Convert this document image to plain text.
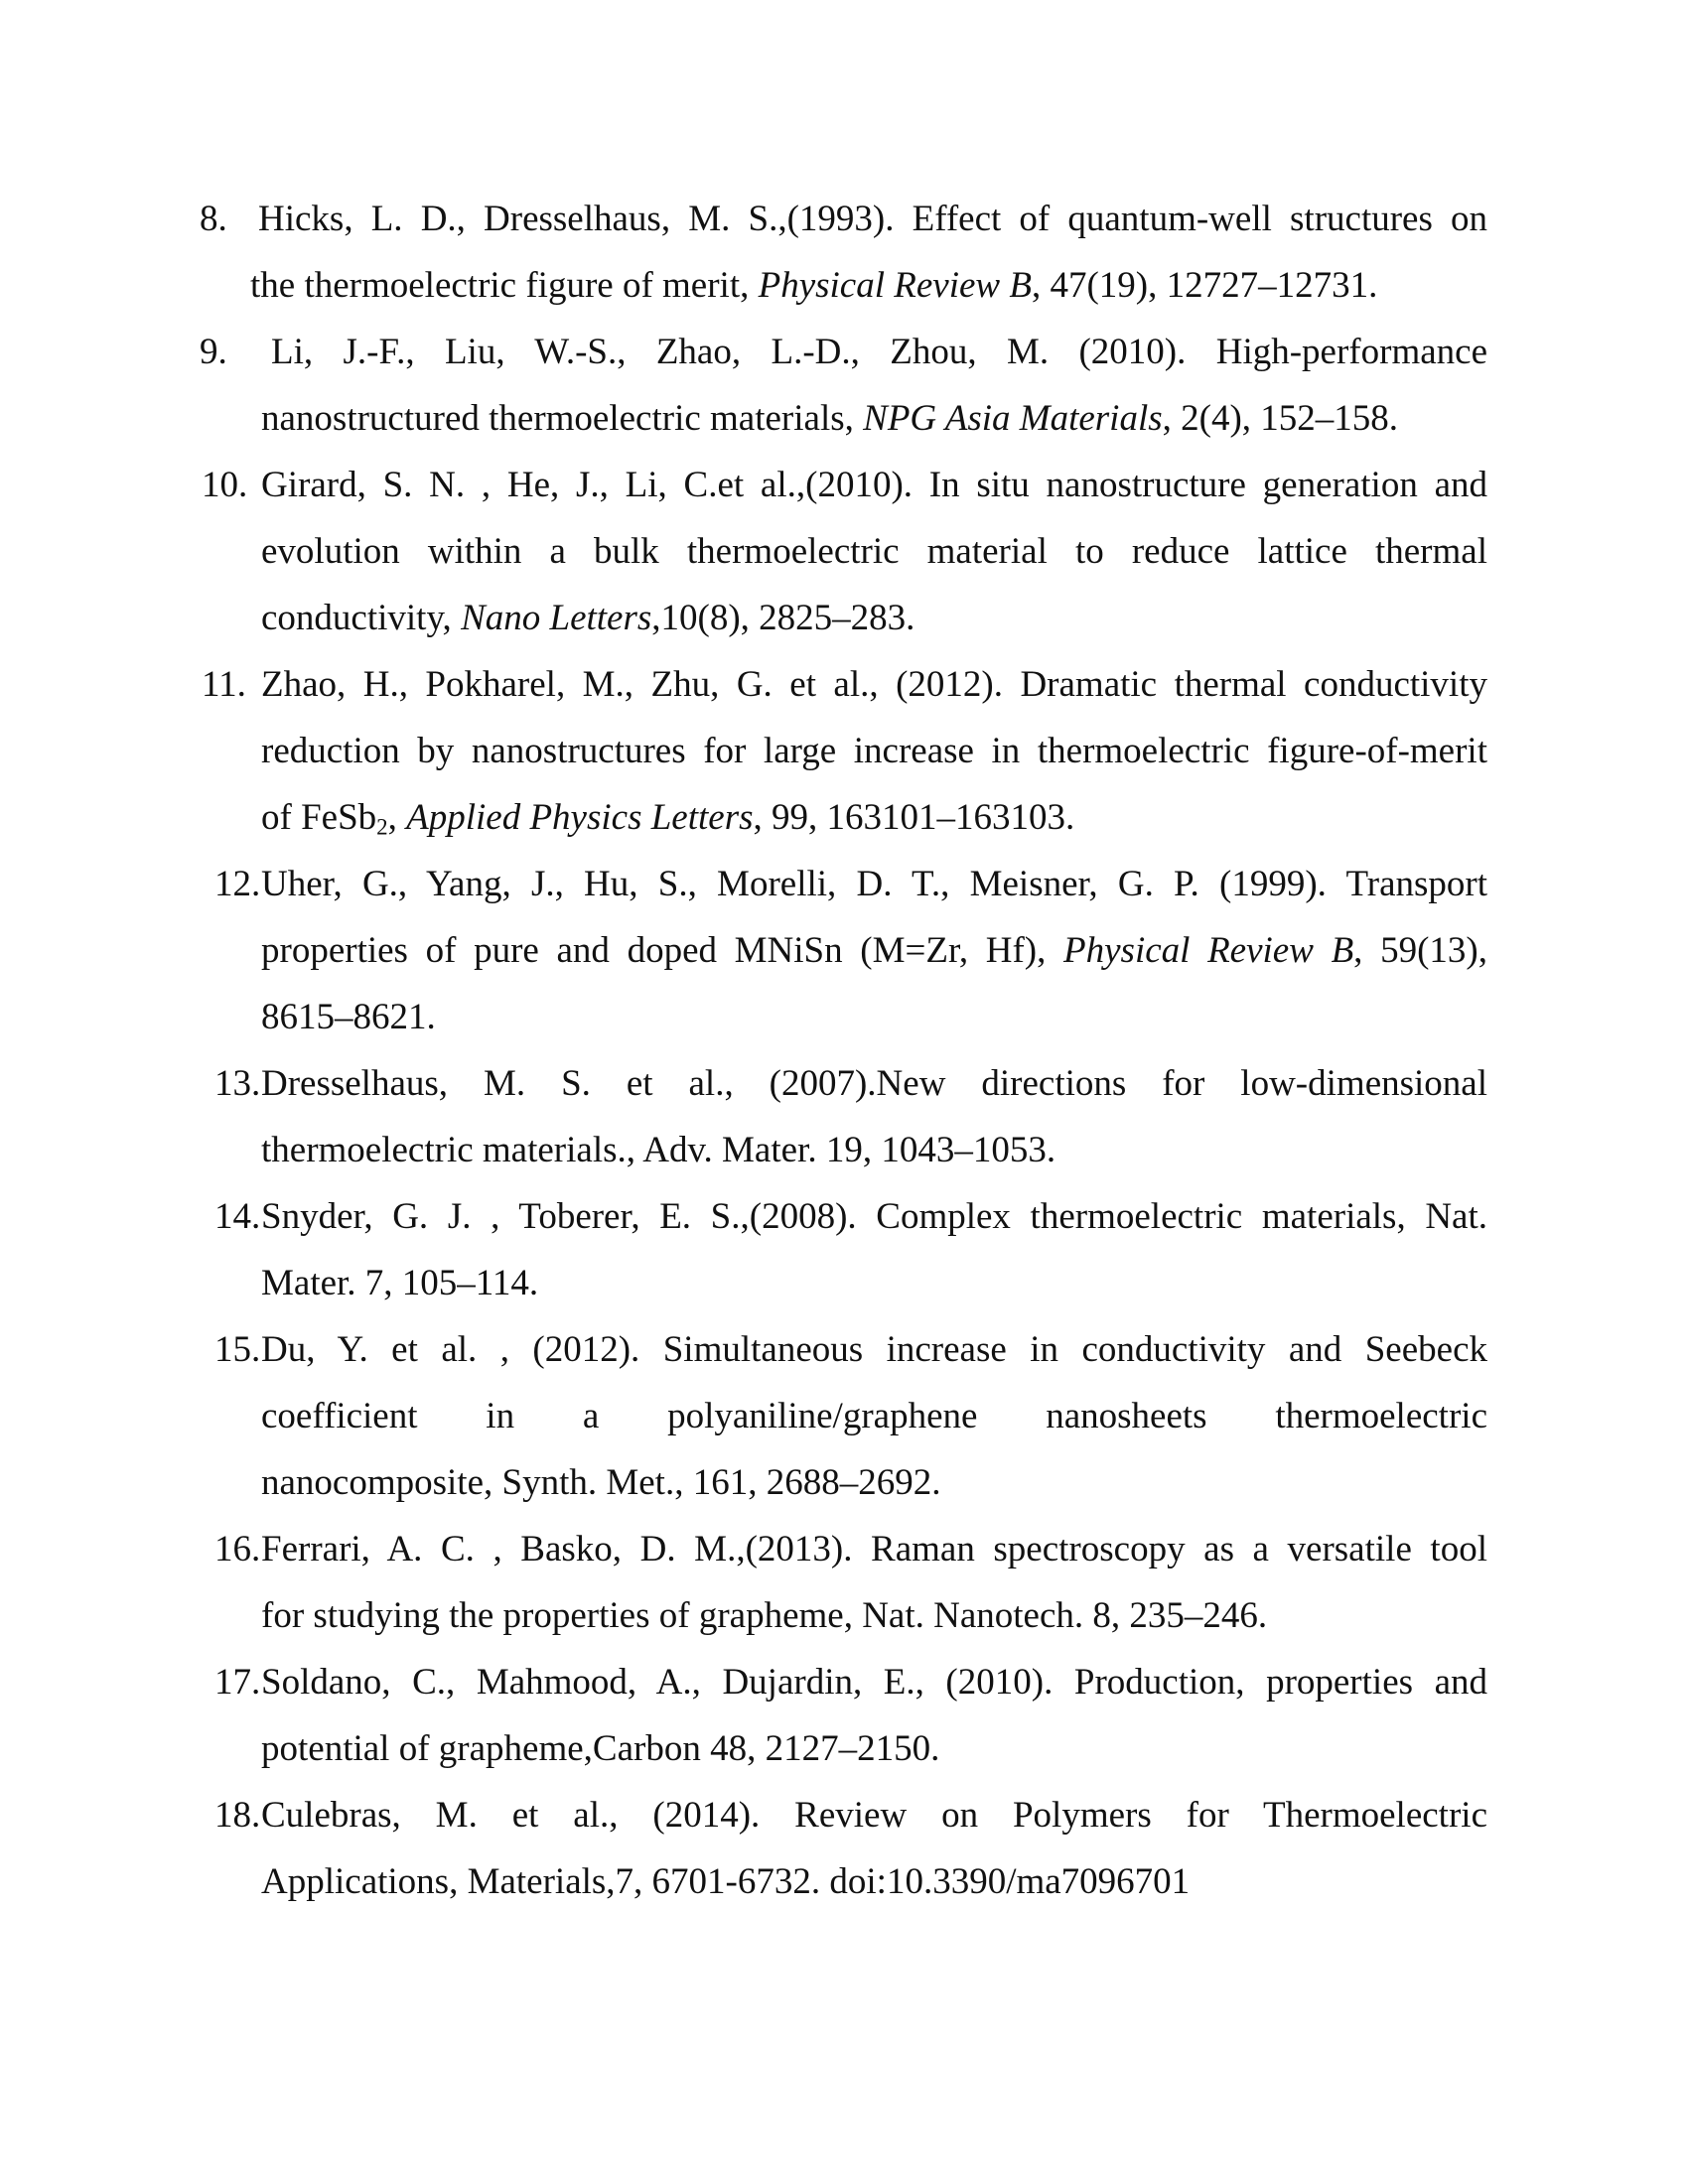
8. Hicks, L. D., Dresselhaus, M. S.,(1993). Effect of quantum-well structures on
the thermoelectric figure of merit, Physical Review B, 47(19), 12727–12731.
9. Li, J.-F., Liu, W.-S., Zhao, L.-D., Zhou, M. (2010). High-performance
nanostructured thermoelectric materials, NPG Asia Materials, 2(4), 152–158.
10. Girard, S. N. , He, J., Li, C.et al.,(2010). In situ nanostructure generation and
evolution within a bulk thermoelectric material to reduce lattice thermal
conductivity, Nano Letters,10(8), 2825–283.
11. Zhao, H., Pokharel, M., Zhu, G. et al., (2012). Dramatic thermal conductivity
reduction by nanostructures for large increase in thermoelectric figure-of-merit
of FeSb$_2$, Applied Physics Letters, 99, 163101–163103.
12. Uher, G., Yang, J., Hu, S., Morelli, D. T., Meisner, G. P. (1999). Transport
properties of pure and doped MNiSn (M=Zr, Hf), Physical Review B, 59(13),
8615–8621.
13. Dresselhaus, M. S. et al., (2007).New directions for low-dimensional
thermoelectric materials., Adv. Mater. 19, 1043–1053.
14. Snyder, G. J. , Toberer, E. S.,(2008). Complex thermoelectric materials, Nat.
Mater. 7, 105–114.
15. Du, Y. et al. , (2012). Simultaneous increase in conductivity and Seebeck
coefficient in a polyaniline/graphene nanosheets thermoelectric
nanocomposite, Synth. Met., 161, 2688–2692.
16. Ferrari, A. C. , Basko, D. M.,(2013). Raman spectroscopy as a versatile tool
for studying the properties of grapheme, Nat. Nanotech. 8, 235–246.
17. Soldano, C., Mahmood, A., Dujardin, E., (2010). Production, properties and
potential of grapheme,Carbon 48, 2127–2150.
18. Culebras, M. et al., (2014). Review on Polymers for Thermoelectric
Applications, Materials,7, 6701-6732. doi:10.3390/ma7096701
